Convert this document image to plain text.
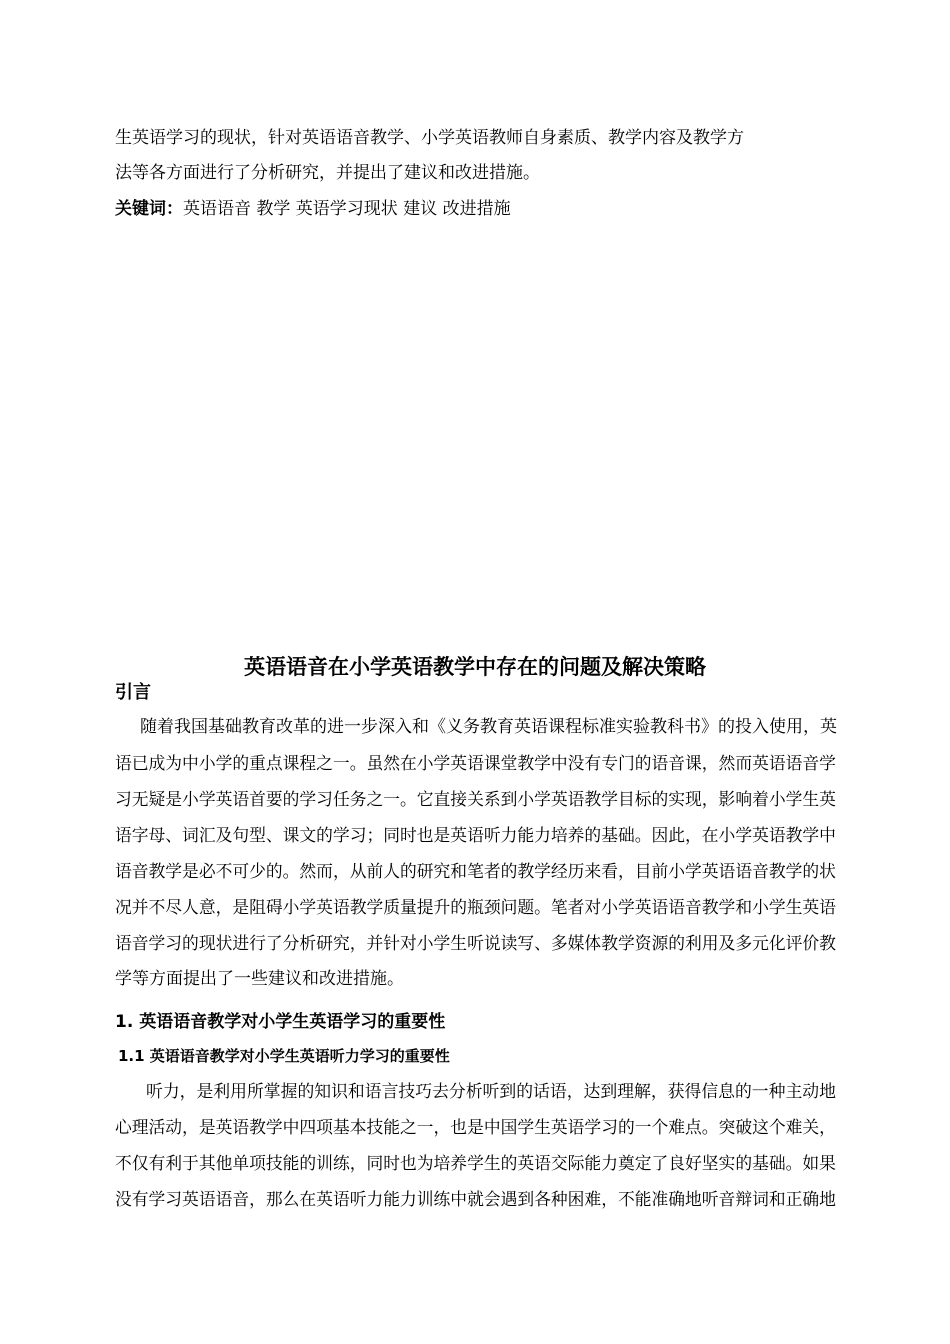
生英语学习的现状，针对英语语音教学、小学英语教师自身素质、教学内容及教学方
法等各方面进行了分析研究，并提出了建议和改进措施。
关键词：英语语音 教学 英语学习现状 建议 改进措施
英语语音在小学英语教学中存在的问题及解决策略
引言
随着我国基础教育改革的进一步深入和《义务教育英语课程标准实验教科书》的投入使用，英
语已成为中小学的重点课程之一。虽然在小学英语课堂教学中没有专门的语音课，然而英语语音学
习无疑是小学英语首要的学习任务之一。它直接关系到小学英语教学目标的实现，影响着小学生英
语字母、词汇及句型、课文的学习；同时也是英语听力能力培养的基础。因此，在小学英语教学中
语音教学是必不可少的。然而，从前人的研究和笔者的教学经历来看，目前小学英语语音教学的状
况并不尽人意，是阻碍小学英语教学质量提升的瓶颈问题。笔者对小学英语语音教学和小学生英语
语音学习的现状进行了分析研究，并针对小学生听说读写、多媒体教学资源的利用及多元化评价教
学等方面提出了一些建议和改进措施。
1. 英语语音教学对小学生英语学习的重要性
1.1 英语语音教学对小学生英语听力学习的重要性
听力，是利用所掌握的知识和语言技巧去分析听到的话语，达到理解，获得信息的一种主动地
心理活动，是英语教学中四项基本技能之一，也是中国学生英语学习的一个难点。突破这个难关，
不仅有利于其他单项技能的训练，同时也为培养学生的英语交际能力奠定了良好坚实的基础。如果
没有学习英语语音，那么在英语听力能力训练中就会遇到各种困难，不能准确地听音辩词和正确地
